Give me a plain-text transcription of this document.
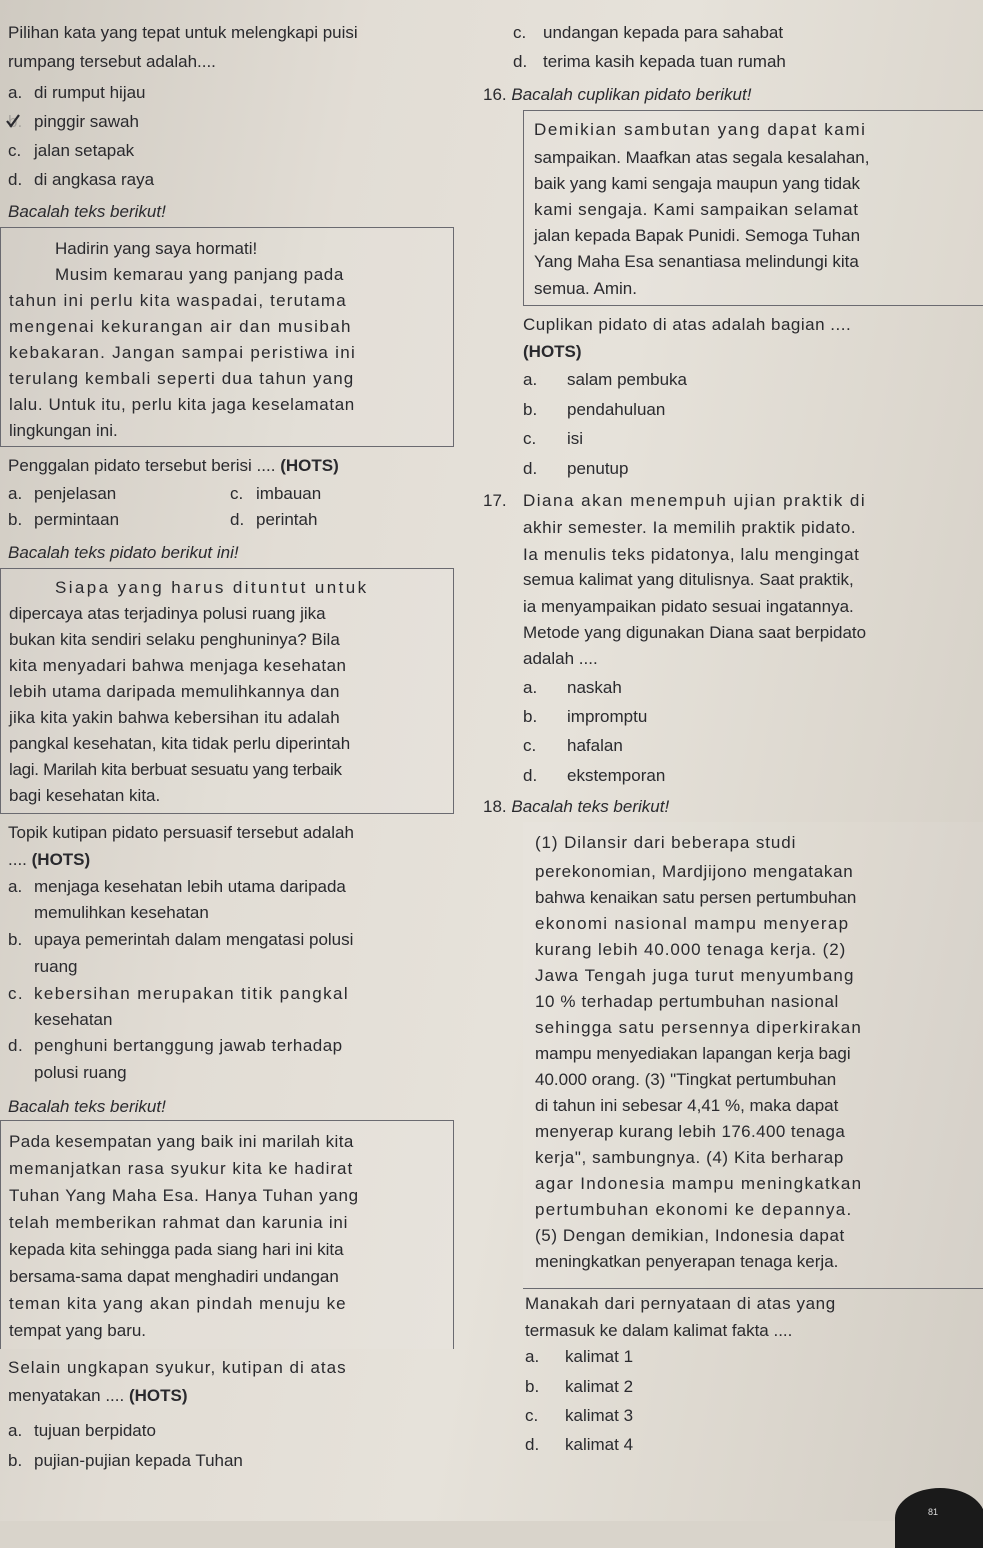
Pilihan kata yang tepat untuk melengkapi puisi
rumpang tersebut adalah....
a. di rumput hijau
b. pinggir sawah
c. jalan setapak
d. di angkasa raya
Bacalah teks berikut!
Hadirin yang saya hormati!
Musim kemarau yang panjang pada
tahun ini perlu kita waspadai, terutama
mengenai kekurangan air dan musibah
kebakaran. Jangan sampai peristiwa ini
terulang kembali seperti dua tahun yang
lalu. Untuk itu, perlu kita jaga keselamatan
lingkungan ini.
Penggalan pidato tersebut berisi .... (HOTS)
a. penjelasan	c. imbauan
b. permintaan	d. perintah
Bacalah teks pidato berikut ini!
Siapa yang harus dituntut untuk
dipercaya atas terjadinya polusi ruang jika
bukan kita sendiri selaku penghuninya? Bila
kita menyadari bahwa menjaga kesehatan
lebih utama daripada memulihkannya dan
jika kita yakin bahwa kebersihan itu adalah
pangkal kesehatan, kita tidak perlu diperintah
lagi. Marilah kita berbuat sesuatu yang terbaik
bagi kesehatan kita.
Topik kutipan pidato persuasif tersebut adalah
.... (HOTS)
a. menjaga kesehatan lebih utama daripada
memulihkan kesehatan
b. upaya pemerintah dalam mengatasi polusi
ruang
c. kebersihan merupakan titik pangkal
kesehatan
d. penghuni bertanggung jawab terhadap
polusi ruang
Bacalah teks berikut!
Pada kesempatan yang baik ini marilah kita
memanjatkan rasa syukur kita ke hadirat
Tuhan Yang Maha Esa. Hanya Tuhan yang
telah memberikan rahmat dan karunia ini
kepada kita sehingga pada siang hari ini kita
bersama-sama dapat menghadiri undangan
teman kita yang akan pindah menuju ke
tempat yang baru.
Selain ungkapan syukur, kutipan di atas
menyatakan .... (HOTS)
a. tujuan berpidato
b. pujian-pujian kepada Tuhan
c. undangan kepada para sahabat
d. terima kasih kepada tuan rumah
16. Bacalah cuplikan pidato berikut!
Demikian sambutan yang dapat kami
sampaikan. Maafkan atas segala kesalahan,
baik yang kami sengaja maupun yang tidak
kami sengaja. Kami sampaikan selamat
jalan kepada Bapak Punidi. Semoga Tuhan
Yang Maha Esa senantiasa melindungi kita
semua. Amin.
Cuplikan pidato di atas adalah bagian ....
(HOTS)
a. salam pembuka
b. pendahuluan
c. isi
d. penutup
17. Diana akan menempuh ujian praktik di
akhir semester. Ia memilih praktik pidato.
Ia menulis teks pidatonya, lalu mengingat
semua kalimat yang ditulisnya. Saat praktik,
ia menyampaikan pidato sesuai ingatannya.
Metode yang digunakan Diana saat berpidato
adalah ....
a. naskah
b. impromptu
c. hafalan
d. ekstemporan
18. Bacalah teks berikut!
(1) Dilansir dari beberapa studi
perekonomian, Mardjijono mengatakan
bahwa kenaikan satu persen pertumbuhan
ekonomi nasional mampu menyerap
kurang lebih 40.000 tenaga kerja. (2)
Jawa Tengah juga turut menyumbang
10 % terhadap pertumbuhan nasional
sehingga satu persennya diperkirakan
mampu menyediakan lapangan kerja bagi
40.000 orang. (3) "Tingkat pertumbuhan
di tahun ini sebesar 4,41 %, maka dapat
menyerap kurang lebih 176.400 tenaga
kerja", sambungnya. (4) Kita berharap
agar Indonesia mampu meningkatkan
pertumbuhan ekonomi ke depannya.
(5) Dengan demikian, Indonesia dapat
meningkatkan penyerapan tenaga kerja.
Manakah dari pernyataan di atas yang
termasuk ke dalam kalimat fakta ....
a. kalimat 1
b. kalimat 2
c. kalimat 3
d. kalimat 4
81
